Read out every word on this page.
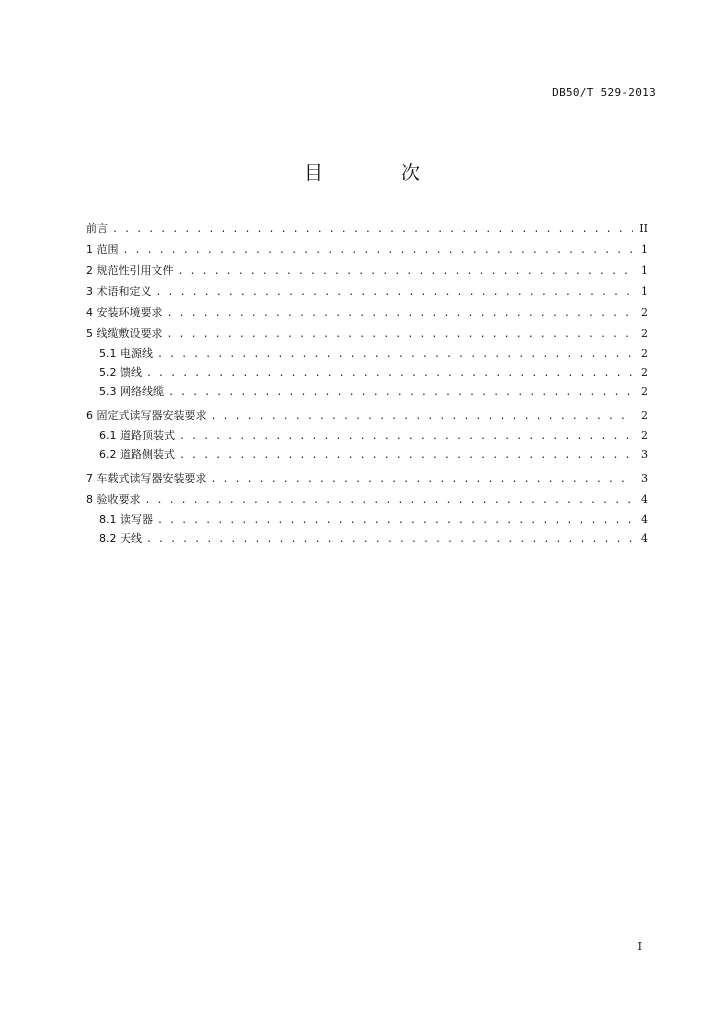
DB50/T 529-2013
目	次
前言 . . .	II
1 范围 . . .	1
2 规范性引用文件 . . .	1
3 术语和定义 . . .	1
4 安装环境要求 . . .	2
5 线缆敷设要求 . . .	2
5.1 电源线 . . .	2
5.2 馈线 . . .	2
5.3 网络线缆 . . .	2
6 固定式读写器安装要求 . . .	2
6.1 道路顶装式 . . .	2
6.2 道路侧装式 . . .	3
7 车载式读写器安装要求 . . .	3
8 验收要求 . . .	4
8.1 读写器 . . .	4
8.2 天线 . . .	4
I
